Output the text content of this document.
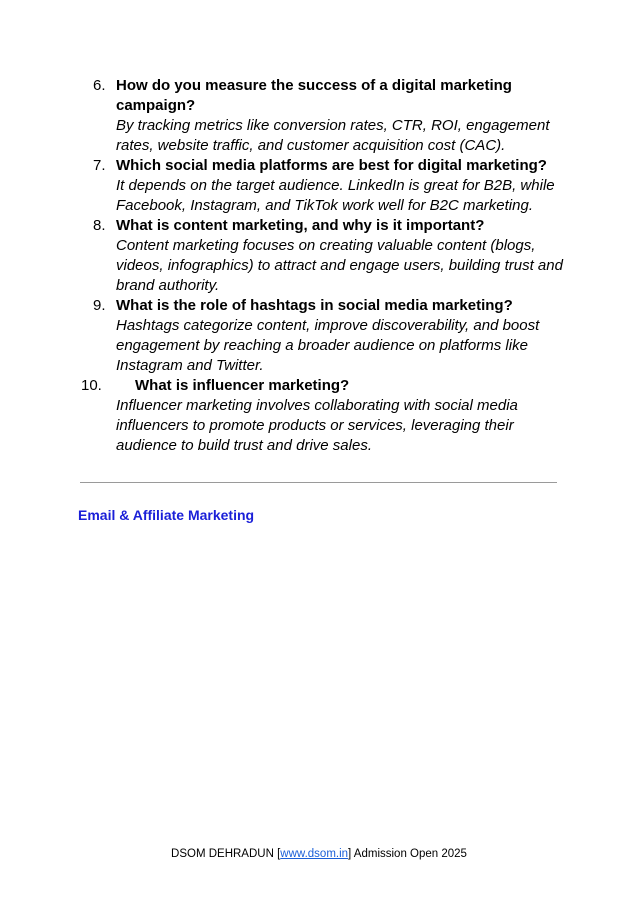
6. How do you measure the success of a digital marketing campaign?

By tracking metrics like conversion rates, CTR, ROI, engagement rates, website traffic, and customer acquisition cost (CAC).

7. Which social media platforms are best for digital marketing?

It depends on the target audience. LinkedIn is great for B2B, while Facebook, Instagram, and TikTok work well for B2C marketing.

8. What is content marketing, and why is it important?

Content marketing focuses on creating valuable content (blogs, videos, infographics) to attract and engage users, building trust and brand authority.

9. What is the role of hashtags in social media marketing?

Hashtags categorize content, improve discoverability, and boost engagement by reaching a broader audience on platforms like Instagram and Twitter.

10.	What is influencer marketing?

Influencer marketing involves collaborating with social media influencers to promote products or services, leveraging their audience to build trust and drive sales.

Email & Affiliate Marketing
DSOM DEHRADUN [www.dsom.in] Admission Open 2025
